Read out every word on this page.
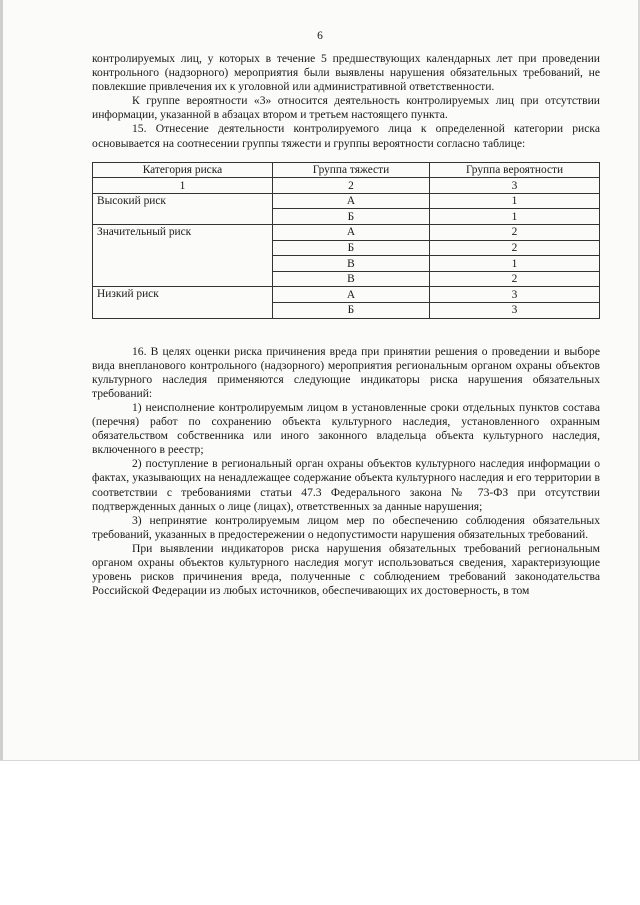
6

контролируемых лиц, у которых в течение 5 предшествующих календарных лет при проведении контрольного (надзорного) мероприятия были выявлены нарушения обязательных требований, не повлекшие привлечения их к уголовной или административной ответственности.

К группе вероятности «3» относится деятельность контролируемых лиц при отсутствии информации, указанной в абзацах втором и третьем настоящего пункта.

15. Отнесение деятельности контролируемого лица к определенной категории риска основывается на соотнесении группы тяжести и группы вероятности согласно таблице:

Категория риска	Группа тяжести	Группа вероятности
1	2	3
Высокий риск	А	1
	Б	1
Значительный риск	А	2
	Б	2
	В	1
	В	2
Низкий риск	А	3
	Б	3

16. В целях оценки риска причинения вреда при принятии решения о проведении и выборе вида внепланового контрольного (надзорного) мероприятия региональным органом охраны объектов культурного наследия применяются следующие индикаторы риска нарушения обязательных требований:

1) неисполнение контролируемым лицом в установленные сроки отдельных пунктов состава (перечня) работ по сохранению объекта культурного наследия, установленного охранным обязательством собственника или иного законного владельца объекта культурного наследия, включенного в реестр;

2) поступление в региональный орган охраны объектов культурного наследия информации о фактах, указывающих на ненадлежащее содержание объекта культурного наследия и его территории в соответствии с требованиями статьи 47.3 Федерального закона № 73-ФЗ при отсутствии подтвержденных данных о лице (лицах), ответственных за данные нарушения;

3) непринятие контролируемым лицом мер по обеспечению соблюдения обязательных требований, указанных в предостережении о недопустимости нарушения обязательных требований.

При выявлении индикаторов риска нарушения обязательных требований региональным органом охраны объектов культурного наследия могут использоваться сведения, характеризующие уровень рисков причинения вреда, полученные с соблюдением требований законодательства Российской Федерации из любых источников, обеспечивающих их достоверность, в том
